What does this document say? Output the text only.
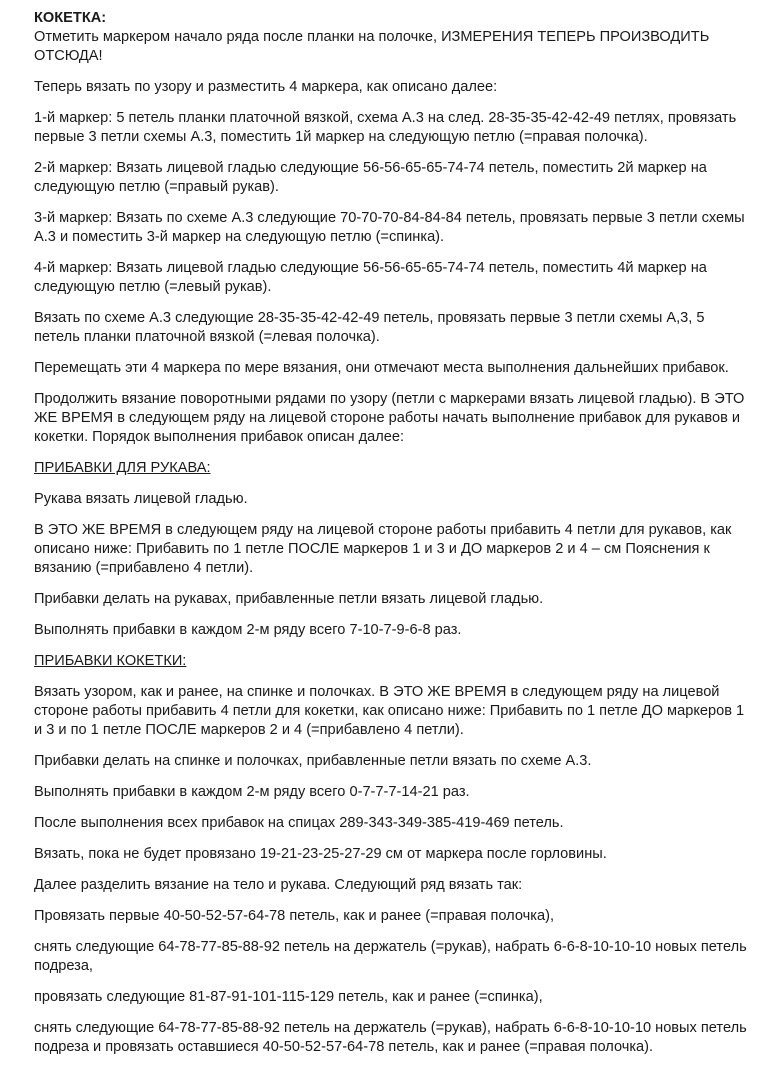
КОКЕТКА:

Отметить маркером начало ряда после планки на полочке, ИЗМЕРЕНИЯ ТЕПЕРЬ ПРОИЗВОДИТЬ ОТСЮДА!

Теперь вязать по узору и разместить 4 маркера, как описано далее:

1-й маркер: 5 петель планки платочной вязкой, схема А.3 на след. 28-35-35-42-42-49 петлях, провязать первые 3 петли схемы А.3, поместить 1й маркер на следующую петлю (=правая полочка).

2-й маркер: Вязать лицевой гладью следующие 56-56-65-65-74-74 петель, поместить 2й маркер на следующую петлю (=правый рукав).

3-й маркер: Вязать по схеме А.3 следующие 70-70-70-84-84-84 петель, провязать первые 3 петли схемы А.3 и поместить 3-й маркер на следующую петлю (=спинка).

4-й маркер: Вязать лицевой гладью следующие 56-56-65-65-74-74 петель, поместить 4й маркер на следующую петлю (=левый рукав).

Вязать по схеме А.3 следующие 28-35-35-42-42-49 петель, провязать первые 3 петли схемы А,3, 5 петель планки платочной вязкой (=левая полочка).

Перемещать эти 4 маркера по мере вязания, они отмечают места выполнения дальнейших прибавок.

Продолжить вязание поворотными рядами по узору (петли с маркерами вязать лицевой гладью). В ЭТО ЖЕ ВРЕМЯ в следующем ряду на лицевой стороне работы начать выполнение прибавок для рукавов и кокетки. Порядок выполнения прибавок описан далее:

ПРИБАВКИ ДЛЯ РУКАВА:

Рукава вязать лицевой гладью.

В ЭТО ЖЕ ВРЕМЯ в следующем ряду на лицевой стороне работы прибавить 4 петли для рукавов, как описано ниже: Прибавить по 1 петле ПОСЛЕ маркеров 1 и 3 и ДО маркеров 2 и 4 – см Пояснения к вязанию (=прибавлено 4 петли).

Прибавки делать на рукавах, прибавленные петли вязать лицевой гладью.

Выполнять прибавки в каждом 2-м ряду всего 7-10-7-9-6-8 раз.

ПРИБАВКИ КОКЕТКИ:

Вязать узором, как и ранее, на спинке и полочках. В ЭТО ЖЕ ВРЕМЯ в следующем ряду на лицевой стороне работы прибавить 4 петли для кокетки, как описано ниже: Прибавить по 1 петле ДО маркеров 1 и 3 и по 1 петле ПОСЛЕ маркеров 2 и 4 (=прибавлено 4 петли).

Прибавки делать на спинке и полочках, прибавленные петли вязать по схеме А.3.

Выполнять прибавки в каждом 2-м ряду всего 0-7-7-7-14-21 раз.

После выполнения всех прибавок на спицах 289-343-349-385-419-469 петель.

Вязать, пока не будет провязано 19-21-23-25-27-29 см от маркера после горловины.

Далее разделить вязание на тело и рукава. Следующий ряд вязать так:

Провязать первые 40-50-52-57-64-78 петель, как и ранее (=правая полочка),

снять следующие 64-78-77-85-88-92 петель на держатель (=рукав), набрать 6-6-8-10-10-10 новых петель подреза,

провязать следующие 81-87-91-101-115-129 петель, как и ранее (=спинка),

снять следующие 64-78-77-85-88-92 петель на держатель (=рукав), набрать 6-6-8-10-10-10 новых петель подреза и провязать оставшиеся 40-50-52-57-64-78 петель, как и ранее (=правая полочка).
